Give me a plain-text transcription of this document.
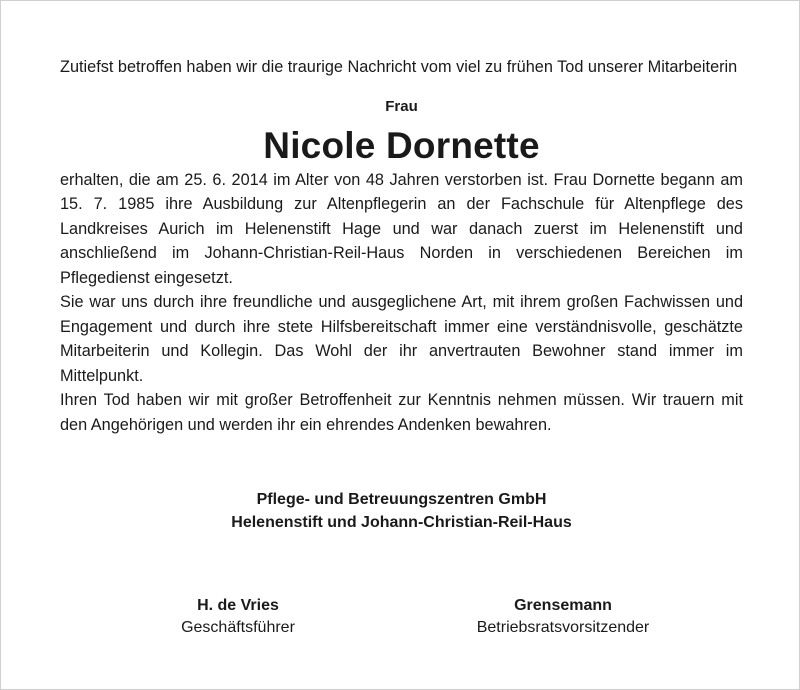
Zutiefst betroffen haben wir die traurige Nachricht vom viel zu frühen Tod unserer Mitarbeiterin

Frau
Nicole Dornette

erhalten, die am 25. 6. 2014 im Alter von 48 Jahren verstorben ist. Frau Dornette begann am 15. 7. 1985 ihre Ausbildung zur Altenpflegerin an der Fachschule für Altenpflege des Landkreises Aurich im Helenenstift Hage und war danach zuerst im Helenenstift und anschließend im Johann-Christian-Reil-Haus Norden in verschiedenen Bereichen im Pflegedienst eingesetzt.

Sie war uns durch ihre freundliche und ausgeglichene Art, mit ihrem großen Fachwissen und Engagement und durch ihre stete Hilfsbereitschaft immer eine verständnisvolle, geschätzte Mitarbeiterin und Kollegin. Das Wohl der ihr anvertrauten Bewohner stand immer im Mittelpunkt.

Ihren Tod haben wir mit großer Betroffenheit zur Kenntnis nehmen müssen. Wir trauern mit den Angehörigen und werden ihr ein ehrendes Andenken bewahren.

Pflege- und Betreuungszentren GmbH
Helenenstift und Johann-Christian-Reil-Haus
H. de Vries
Geschäftsführer
Grensemann
Betriebsratsvorsitzender
